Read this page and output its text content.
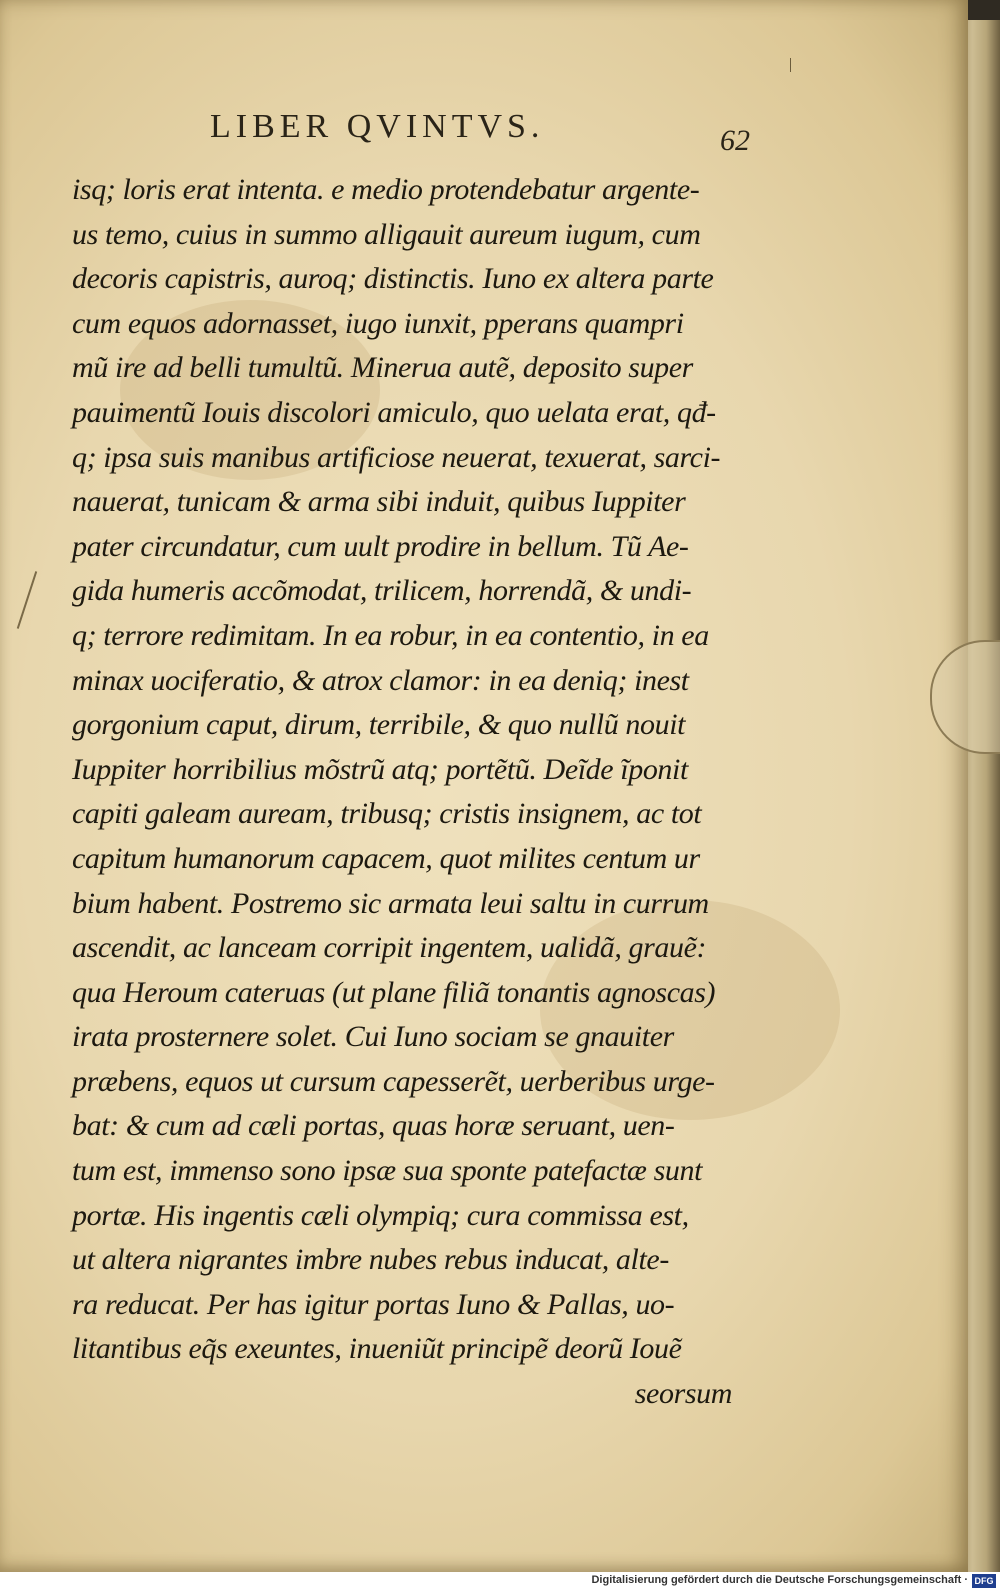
LIBER QVINTVS.	62
isq; loris erat intenta. e medio protendebatur argente-
us temo, cuius in summo alligauit aureum iugum, cum
decoris capistris, auroq; distinctis. Iuno ex altera parte
cum equos adornasset, iugo iunxit, pperans quampri
mũ ire ad belli tumultũ. Minerua autẽ, deposito super
pauimentũ Iouis discolori amiculo, quo uelata erat, qđ-
q; ipsa suis manibus artificiose neuerat, texuerat, sarci-
nauerat, tunicam & arma sibi induit, quibus Iuppiter
pater circundatur, cum uult prodire in bellum. Tũ Ae-
gida humeris accõmodat, trilicem, horrendã, & undi-
q; terrore redimitam. In ea robur, in ea contentio, in ea
minax uociferatio, & atrox clamor: in ea deniq; inest
gorgonium caput, dirum, terribile, & quo nullũ nouit
Iuppiter horribilius mõstrũ atq; portẽtũ. Deĩde ĩponit
capiti galeam auream, tribusq; cristis insignem, ac tot
capitum humanorum capacem, quot milites centum ur
bium habent. Postremo sic armata leui saltu in currum
ascendit, ac lanceam corripit ingentem, ualidã, grauẽ:
qua Heroum cateruas (ut plane filiã tonantis agnoscas)
irata prosternere solet. Cui Iuno sociam se gnauiter
præbens, equos ut cursum capesserẽt, uerberibus urge-
bat: & cum ad cæli portas, quas horæ seruant, uen-
tum est, immenso sono ipsæ sua sponte patefactæ sunt
portæ. His ingentis cæli olympiq; cura commissa est,
ut altera nigrantes imbre nubes rebus inducat, alte-
ra reducat. Per has igitur portas Iuno & Pallas, uo-
litantibus eq̃s exeuntes, inueniũt principẽ deorũ Iouẽ
seorsum
Digitalisierung gefördert durch die Deutsche Forschungsgemeinschaft · DFG
